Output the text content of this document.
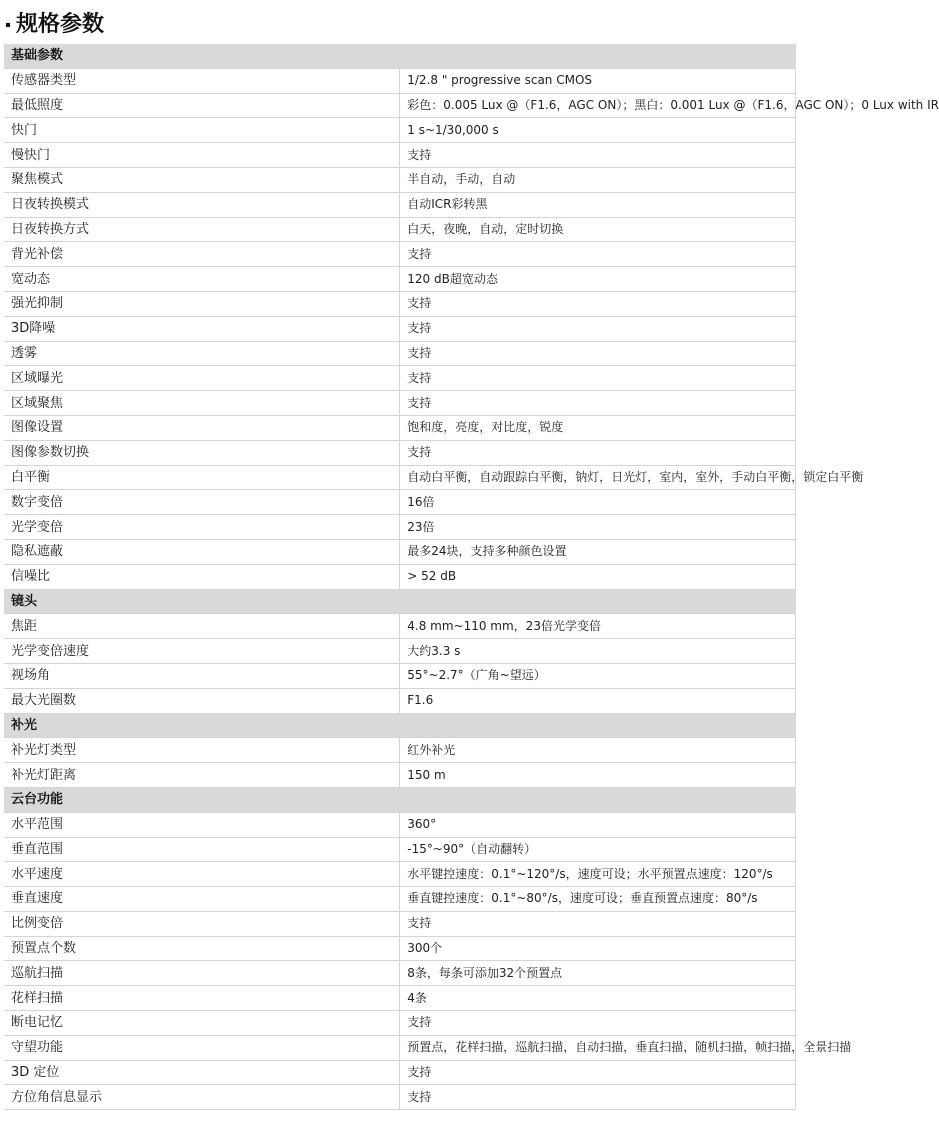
规格参数
基础参数	
传感器类型	1/2.8 " progressive scan CMOS
最低照度	彩色：0.005 Lux @（F1.6，AGC ON）；黑白：0.001 Lux @（F1.6，AGC ON）；0 Lux with IR
快门	1 s~1/30,000 s
慢快门	支持
聚焦模式	半自动，手动，自动
日夜转换模式	自动ICR彩转黑
日夜转换方式	白天，夜晚，自动，定时切换
背光补偿	支持
宽动态	120 dB超宽动态
强光抑制	支持
3D降噪	支持
透雾	支持
区域曝光	支持
区域聚焦	支持
图像设置	饱和度，亮度，对比度，锐度
图像参数切换	支持
白平衡	自动白平衡，自动跟踪白平衡，钠灯，日光灯，室内，室外，手动白平衡，锁定白平衡
数字变倍	16倍
光学变倍	23倍
隐私遮蔽	最多24块，支持多种颜色设置
信噪比	> 52 dB
镜头	
焦距	4.8 mm~110 mm，23倍光学变倍
光学变倍速度	大约3.3 s
视场角	55°~2.7°（广角~望远）
最大光圈数	F1.6
补光	
补光灯类型	红外补光
补光灯距离	150 m
云台功能	
水平范围	360°
垂直范围	-15°~90°（自动翻转）
水平速度	水平键控速度：0.1°~120°/s，速度可设；水平预置点速度：120°/s
垂直速度	垂直键控速度：0.1°~80°/s，速度可设；垂直预置点速度：80°/s
比例变倍	支持
预置点个数	300个
巡航扫描	8条，每条可添加32个预置点
花样扫描	4条
断电记忆	支持
守望功能	预置点，花样扫描，巡航扫描，自动扫描，垂直扫描，随机扫描，帧扫描，全景扫描
3D 定位	支持
方位角信息显示	支持
